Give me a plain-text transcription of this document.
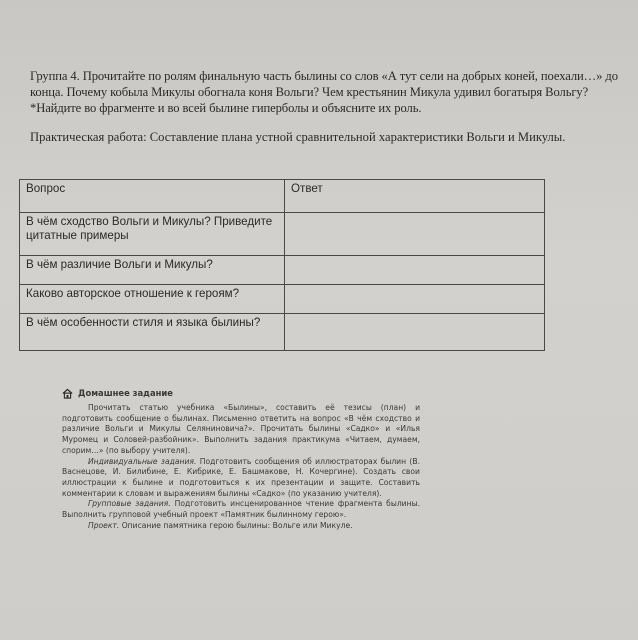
Группа 4. Прочитайте по ролям финальную часть былины со слов «А тут сели на добрых коней, поехали…» до конца. Почему кобыла Микулы обогнала коня Вольги? Чем крестьянин Микула удивил богатыря Вольгу? *Найдите во фрагменте и во всей былине гиперболы и объясните их роль.
Практическая работа: Составление плана устной сравнительной характеристики Вольги и Микулы.
Вопрос	Ответ
В чём сходство Вольги и Микулы? Приведите цитатные примеры	
В чём различие Вольги и Микулы?	
Каково авторское отношение к героям?	
В чём особенности стиля и языка былины?	
Домашнее задание

Прочитать статью учебника «Былины», составить её тезисы (план) и подготовить сообщение о былинах. Письменно ответить на вопрос «В чём сходство и различие Вольги и Микулы Селяниновича?». Прочитать былины «Садко» и «Илья Муромец и Соловей-разбойник». Выполнить задания практикума «Читаем, думаем, спорим…» (по выбору учителя).

Индивидуальные задания. Подготовить сообщения об иллюстраторах былин (В. Васнецове, И. Билибине, Е. Кибрике, Е. Башмакове, Н. Кочергине). Создать свои иллюстрации к былине и подготовиться к их презентации и защите. Составить комментарии к словам и выражениям былины «Садко» (по указанию учителя).

Групповые задания. Подготовить инсценированное чтение фрагмента былины. Выполнить групповой учебный проект «Памятник былинному герою».

Проект. Описание памятника герою былины: Вольге или Микуле.
